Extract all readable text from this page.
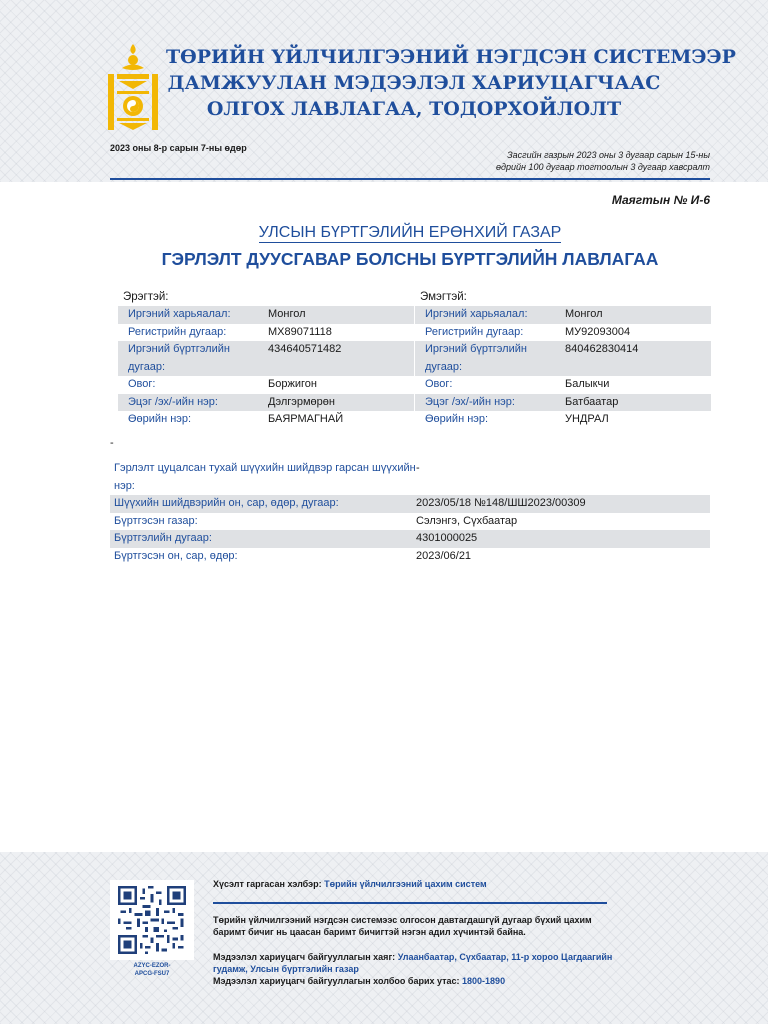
ТӨРИЙН ҮЙЛЧИЛГЭЭНИЙ НЭГДСЭН СИСТЕМЭЭР
ДАМЖУУЛАН МЭДЭЭЛЭЛ ХАРИУЦАГЧААС
ОЛГОХ ЛАВЛАГАА, ТОДОРХОЙЛОЛТ
2023 оны 8-р сарын 7-ны өдөр
Засгийн газрын 2023 оны 3 дугаар сарын 15-ны
өдрийн 100 дугаар тогтоолын 3 дугаар хавсралт
Маягтын № И-6
УЛСЫН БҮРТГЭЛИЙН ЕРӨНХИЙ ГАЗАР
ГЭРЛЭЛТ ДУУСГАВАР БОЛСНЫ БҮРТГЭЛИЙН ЛАВЛАГАА
Эрэгтэй:
Иргэний харьяалал:	Монгол
Регистрийн дугаар:	МХ89071118
Иргэний бүртгэлийн дугаар:
434640571482
Овог:	Боржигон
Эцэг /эх/-ийн нэр:	Дэлгэрмөрөн
Өөрийн нэр:	БАЯРМАГНАЙ
Эмэгтэй:
Иргэний харьяалал:	Монгол
Регистрийн дугаар:	МУ92093004
Иргэний бүртгэлийн дугаар:
840462830414
Овог:	Балыкчи
Эцэг /эх/-ийн нэр:	Батбаатар
Өөрийн нэр:	УНДРАЛ
-
Гэрлэлт цуцалсан тухай шүүхийн шийдвэр гарсан шүүхийн нэр:
-
Шүүхийн шийдвэрийн он, сар, өдөр, дугаар:	2023/05/18 №148/ШШ2023/00309
Бүртгэсэн газар:	Сэлэнгэ, Сүхбаатар
Бүртгэлийн дугаар:	4301000025
Бүртгэсэн он, сар, өдөр:	2023/06/21
AZYC-EZOR-
APCG-FSU7
Хүсэлт гаргасан хэлбэр: Төрийн үйлчилгээний цахим систем
Төрийн үйлчилгээний нэгдсэн системээс олгосон давтагдашгүй дугаар бүхий цахим баримт бичиг нь цаасан баримт бичигтэй нэгэн адил хүчинтэй байна.
Мэдээлэл хариуцагч байгууллагын хаяг: Улаанбаатар, Сүхбаатар, 11-р хороо Цагдаагийн гудамж, Улсын бүртгэлийн газар
Мэдээлэл хариуцагч байгууллагын холбоо барих утас: 1800-1890
